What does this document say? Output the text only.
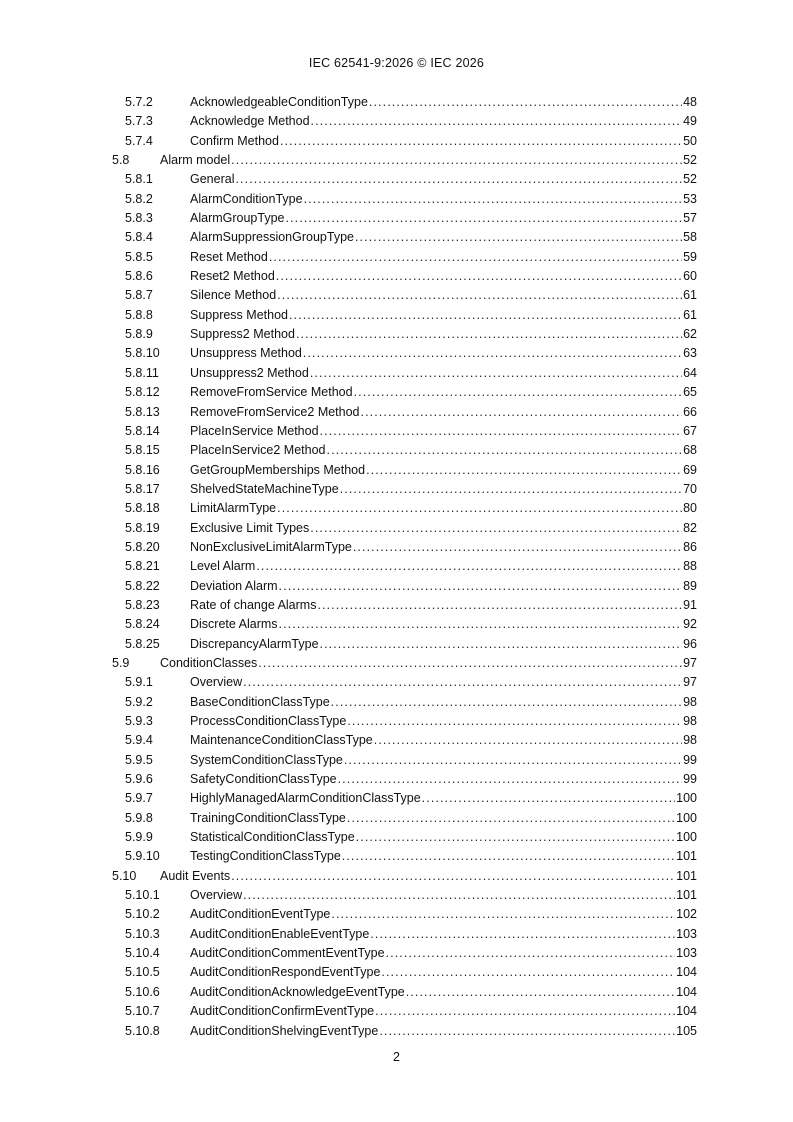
IEC 62541-9:2026 © IEC 2026
5.7.2	AcknowledgeableConditionType .....	48
5.7.3	Acknowledge Method .....	49
5.7.4	Confirm Method .....	50
5.8 Alarm model .....	52
5.8.1	General .....	52
5.8.2	AlarmConditionType .....	53
5.8.3	AlarmGroupType .....	57
5.8.4	AlarmSuppressionGroupType .....	58
5.8.5	Reset Method .....	59
5.8.6	Reset2 Method .....	60
5.8.7	Silence Method .....	61
5.8.8	Suppress Method .....	61
5.8.9	Suppress2 Method .....	62
5.8.10 Unsuppress Method .....	63
5.8.11 Unsuppress2 Method .....	64
5.8.12 RemoveFromService Method .....	65
5.8.13 RemoveFromService2 Method .....	66
5.8.14 PlaceInService Method .....	67
5.8.15 PlaceInService2 Method .....	68
5.8.16 GetGroupMemberships Method .....	69
5.8.17 ShelvedStateMachineType .....	70
5.8.18 LimitAlarmType .....	80
5.8.19 Exclusive Limit Types .....	82
5.8.20 NonExclusiveLimitAlarmType .....	86
5.8.21 Level Alarm .....	88
5.8.22 Deviation Alarm .....	89
5.8.23 Rate of change Alarms .....	91
5.8.24 Discrete Alarms .....	92
5.8.25 DiscrepancyAlarmType .....	96
5.9 ConditionClasses .....	97
5.9.1	Overview .....	97
5.9.2	BaseConditionClassType .....	98
5.9.3	ProcessConditionClassType .....	98
5.9.4	MaintenanceConditionClassType .....	98
5.9.5	SystemConditionClassType .....	99
5.9.6	SafetyConditionClassType .....	99
5.9.7	HighlyManagedAlarmConditionClassType .....	100
5.9.8	TrainingConditionClassType .....	100
5.9.9	StatisticalConditionClassType .....	100
5.9.10 TestingConditionClassType .....	101
5.10 Audit Events .....	101
5.10.1 Overview .....	101
5.10.2 AuditConditionEventType .....	102
5.10.3 AuditConditionEnableEventType .....	103
5.10.4 AuditConditionCommentEventType .....	103
5.10.5 AuditConditionRespondEventType .....	104
5.10.6 AuditConditionAcknowledgeEventType .....	104
5.10.7 AuditConditionConfirmEventType .....	104
5.10.8 AuditConditionShelvingEventType .....	105
2
